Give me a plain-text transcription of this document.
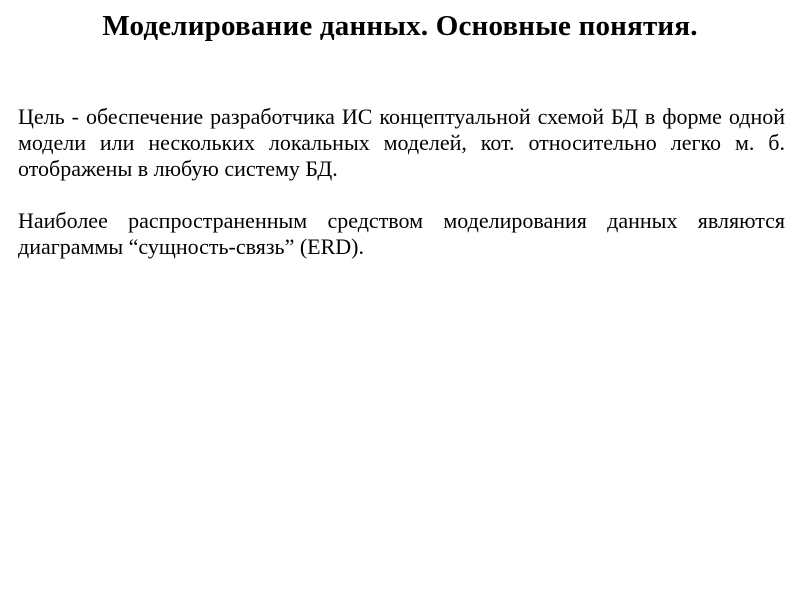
Моделирование данных. Основные понятия.

Цель - обеспечение разработчика ИС концептуальной схемой БД в форме одной модели или нескольких локальных моделей, кот. относительно легко м. б. отображены в любую систему БД.

Наиболее распространенным средством моделирования данных являются диаграммы “сущность-связь” (ERD).
